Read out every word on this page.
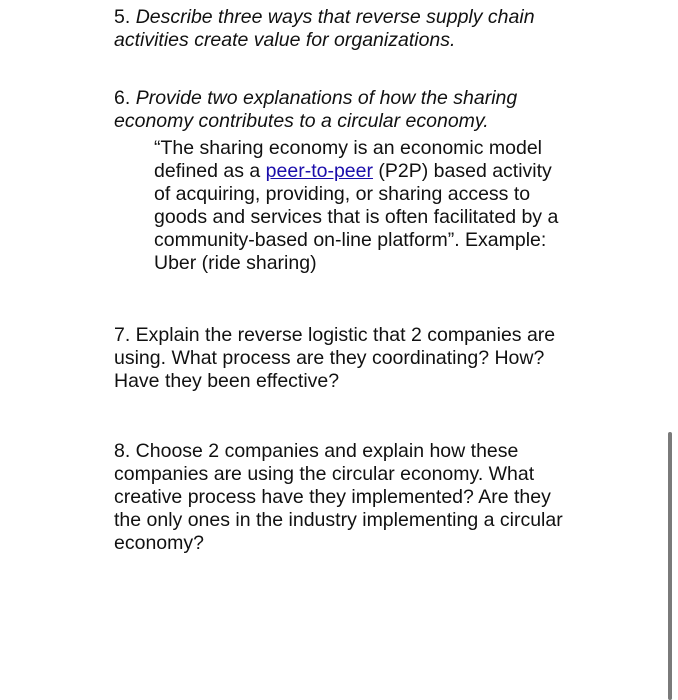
5. Describe three ways that reverse supply chain
activities create value for organizations.
6. Provide two explanations of how the sharing
economy contributes to a circular economy.
“The sharing economy is an economic model
defined as a peer-to-peer (P2P) based activity
of acquiring, providing, or sharing access to
goods and services that is often facilitated by a
community-based on-line platform”. Example:
Uber (ride sharing)
7. Explain the reverse logistic that 2 companies are
using. What process are they coordinating? How?
Have they been effective?
8. Choose 2 companies and explain how these
companies are using the circular economy. What
creative process have they implemented? Are they
the only ones in the industry implementing a circular
economy?
